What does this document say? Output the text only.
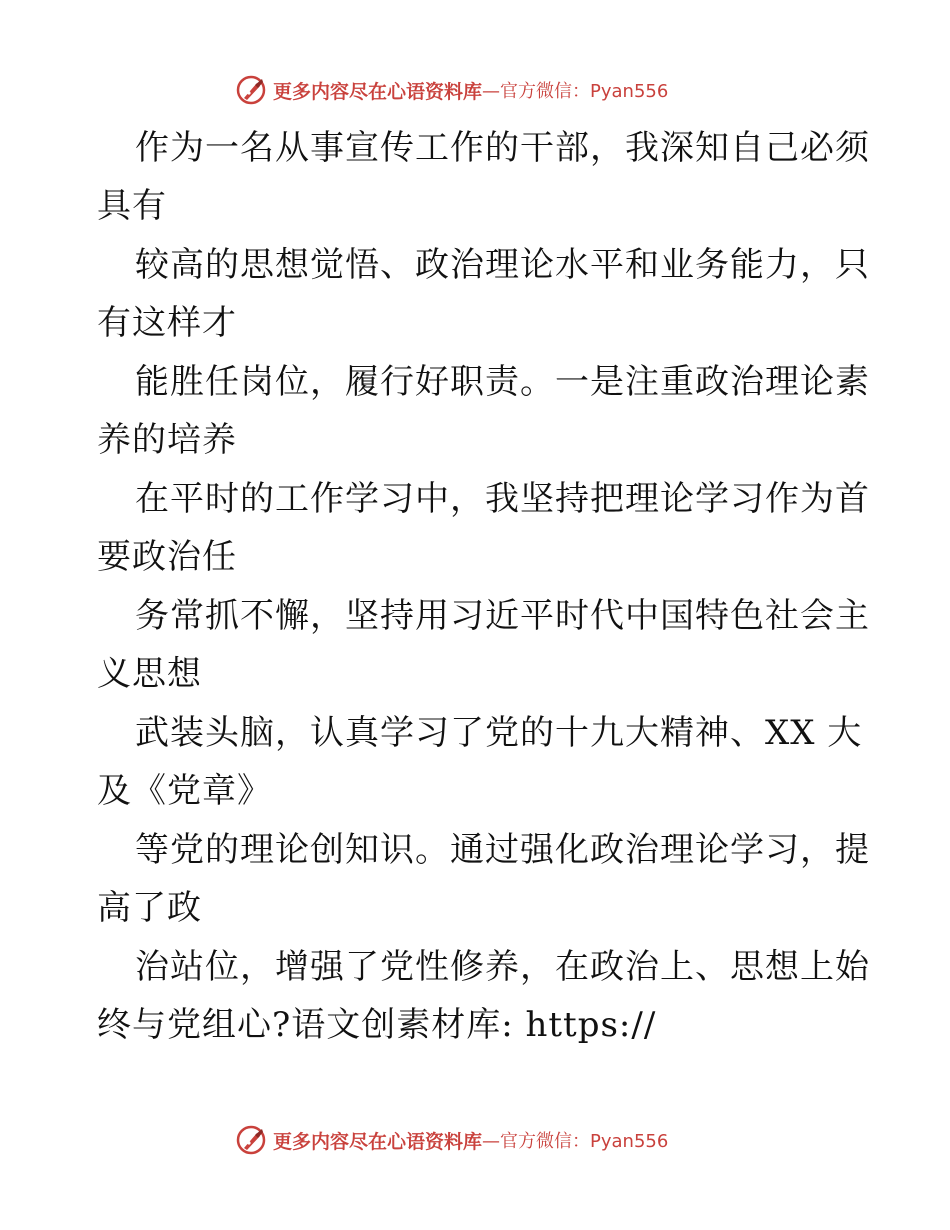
更多内容尽在心语资料库 —官方微信：Pyan556
作为一名从事宣传工作的干部，我深知自己必须
具有
较高的思想觉悟、政治理论水平和业务能力，只
有这样才
能胜任岗位，履行好职责。一是注重政治理论素
养的培养
在平时的工作学习中，我坚持把理论学习作为首
要政治任
务常抓不懈，坚持用习近平时代中国特色社会主
义思想
武装头脑，认真学习了党的十九大精神、XX 大
及《党章》
等党的理论创知识。通过强化政治理论学习，提
高了政
治站位，增强了党性修养，在政治上、思想上始
终与党组心?语文创素材库: https://
更多内容尽在心语资料库 —官方微信：Pyan556
